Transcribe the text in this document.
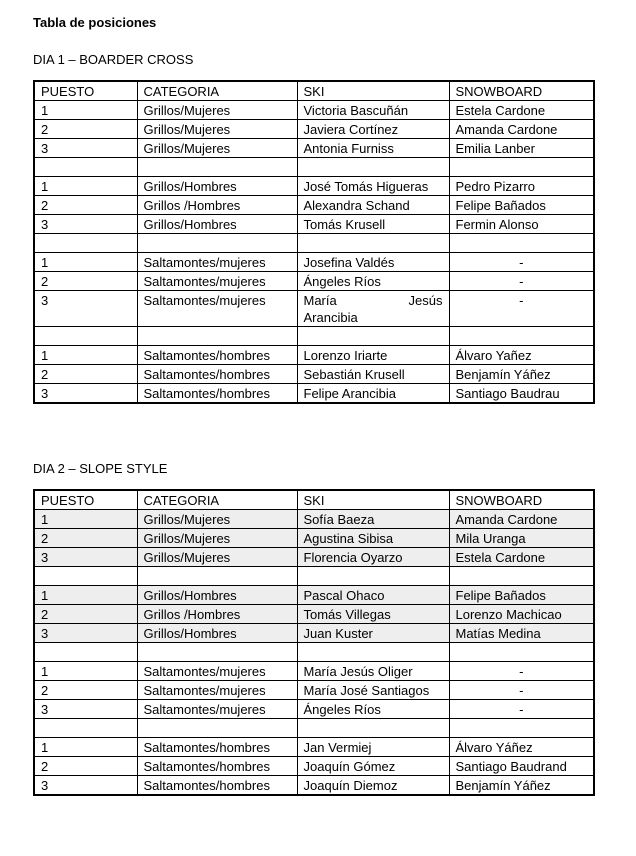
Tabla de posiciones
DIA 1 – BOARDER CROSS
PUESTO	CATEGORIA	SKI	SNOWBOARD
1	Grillos/Mujeres	Victoria Bascuñán	Estela Cardone
2	Grillos/Mujeres	Javiera Cortínez	Amanda Cardone
3	Grillos/Mujeres	Antonia Furniss	Emilia Lanber

1	Grillos/Hombres	José Tomás Higueras	Pedro Pizarro
2	Grillos /Hombres	Alexandra Schand	Felipe Bañados
3	Grillos/Hombres	Tomás Krusell	Fermin Alonso

1	Saltamontes/mujeres	Josefina Valdés	-
2	Saltamontes/mujeres	Ángeles Ríos	-
3	Saltamontes/mujeres	María Jesús
Arancibia	-

1	Saltamontes/hombres	Lorenzo Iriarte	Álvaro Yañez
2	Saltamontes/hombres	Sebastián Krusell	Benjamín Yáñez
3	Saltamontes/hombres	Felipe Arancibia	Santiago Baudrau
DIA 2 – SLOPE STYLE
PUESTO	CATEGORIA	SKI	SNOWBOARD
1	Grillos/Mujeres	Sofía Baeza	Amanda Cardone
2	Grillos/Mujeres	Agustina Sibisa	Mila Uranga
3	Grillos/Mujeres	Florencia Oyarzo	Estela Cardone

1	Grillos/Hombres	Pascal Ohaco	Felipe Bañados
2	Grillos /Hombres	Tomás Villegas	Lorenzo Machicao
3	Grillos/Hombres	Juan Kuster	Matías Medina

1	Saltamontes/mujeres	María Jesús Oliger	-
2	Saltamontes/mujeres	María José Santiagos	-
3	Saltamontes/mujeres	Ángeles Ríos	-

1	Saltamontes/hombres	Jan Vermiej	Álvaro Yáñez
2	Saltamontes/hombres	Joaquín Gómez	Santiago Baudrand
3	Saltamontes/hombres	Joaquín Diemoz	Benjamín Yáñez
